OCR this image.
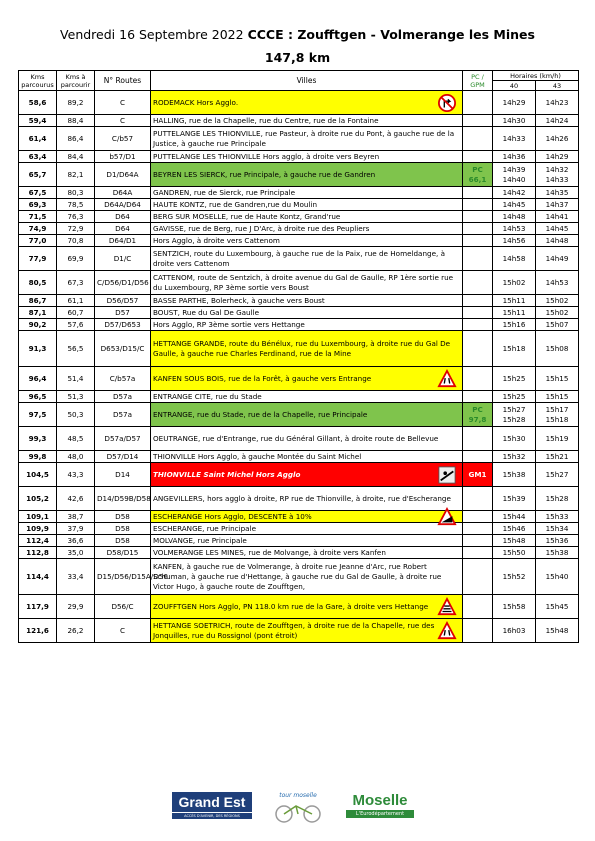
Vendredi 16 Septembre 2022 CCCE : Zoufftgen - Volmerange les Mines
147,8 km
Kms parcourus	Kms à parcourir	N° Routes	Villes	PC / GPM	Horaires (km/h)	
					40	43
58,6	89,2	C	RODEMACK Hors Agglo.		14h29	14h23
59,4	88,4	C	HALLING, rue de la Chapelle, rue du Centre, rue de la Fontaine		14h30	14h24
61,4	86,4	C/b57	PUTTELANGE LES THIONVILLE, rue Pasteur, à droite rue du Pont, à gauche rue de la Justice, à gauche rue Principale		14h33	14h26
63,4	84,4	b57/D1	PUTTELANGE LES THIONVILLE Hors agglo, à droite vers Beyren		14h36	14h29
65,7	82,1	D1/D64A	BEYREN LES SIERCK, rue Principale, à gauche rue de Gandren	PC 66,1	14h39 14h40	14h32 14h33
67,5	80,3	D64A	GANDREN, rue de Sierck, rue Principale		14h42	14h35
69,3	78,5	D64A/D64	HAUTE KONTZ, rue de Gandren,rue du Moulin		14h45	14h37
71,5	76,3	D64	BERG SUR MOSELLE, rue de Haute Kontz, Grand'rue		14h48	14h41
74,9	72,9	D64	GAVISSE, rue de Berg, rue J D'Arc, à droite rue des Peupliers		14h53	14h45
77,0	70,8	D64/D1	Hors Agglo, à droite vers Cattenom		14h56	14h48
77,9	69,9	D1/C	SENTZICH, route du Luxembourg, à gauche rue de la Paix, rue de Homeldange, à droite vers Cattenom		14h58	14h49
80,5	67,3	C/D56/D1/D56	CATTENOM, route de Sentzich, à droite avenue du Gal de Gaulle, RP 1ère sortie rue du Luxembourg, RP 3ème sortie vers Boust		15h02	14h53
86,7	61,1	D56/D57	BASSE PARTHE, Bolerheck, à gauche vers Boust		15h11	15h02
87,1	60,7	D57	BOUST, Rue du Gal De Gaulle		15h11	15h02
90,2	57,6	D57/D653	Hors Agglo, RP 3ème sortie vers Hettange		15h16	15h07
91,3	56,5	D653/D15/C	HETTANGE GRANDE, route du Bénélux, rue du Luxembourg, à droite rue du Gal De Gaulle, à gauche rue Charles Ferdinand, rue de la Mine		15h18	15h08
96,4	51,4	C/b57a	KANFEN SOUS BOIS, rue de la Forêt, à gauche vers Entrange		15h25	15h15
96,5	51,3	D57a	ENTRANGE CITE, rue du Stade		15h25	15h15
97,5	50,3	D57a	ENTRANGE, rue du Stade, rue de la Chapelle, rue Principale	PC 97,8	15h27 15h28	15h17 15h18
99,3	48,5	D57a/D57	OEUTRANGE, rue d'Entrange, rue du Général Gillant, à droite route de Bellevue		15h30	15h19
99,8	48,0	D57/D14	THIONVILLE Hors Agglo, à gauche Montée du Saint Michel		15h32	15h21
104,5	43,3	D14	THIONVILLE Saint Michel Hors Agglo	GM1	15h38	15h27
105,2	42,6	D14/D59B/D58	ANGEVILLERS, hors agglo à droite, RP rue de Thionville, à droite, rue d'Escherange		15h39	15h28
109,1	38,7	D58	ESCHERANGE Hors Agglo, DESCENTE à 10%		15h44	15h33
109,9	37,9	D58	ESCHERANGE, rue Principale		15h46	15h34
112,4	36,6	D58	MOLVANGE, rue Principale		15h48	15h36
112,8	35,0	D58/D15	VOLMERANGE LES MINES, rue de Molvange, à droite vers Kanfen		15h50	15h38
114,4	33,4	D15/D56/D15A/D56	KANFEN, à gauche rue de Volmerange, à droite rue Jeanne d'Arc, rue Robert Schuman, à gauche rue d'Hettange, à gauche rue du Gal de Gaulle, à droite rue Victor Hugo, à gauche route de Zoufftgen,		15h52	15h40
117,9	29,9	D56/C	ZOUFFTGEN Hors Agglo, PN 118.0 km rue de la Gare, à droite vers Hettange		15h58	15h45
121,6	26,2	C	HETTANGE SOETRICH, route de Zoufftgen, à droite rue de la Chapelle, rue des Jonquilles, rue du Rossignol (pont étroit)		16h03	15h48
Grand Est
ACCÈS D'AVENIR, DES RÉGIONS
tour moselle	Moselle
L'Eurodépartement
